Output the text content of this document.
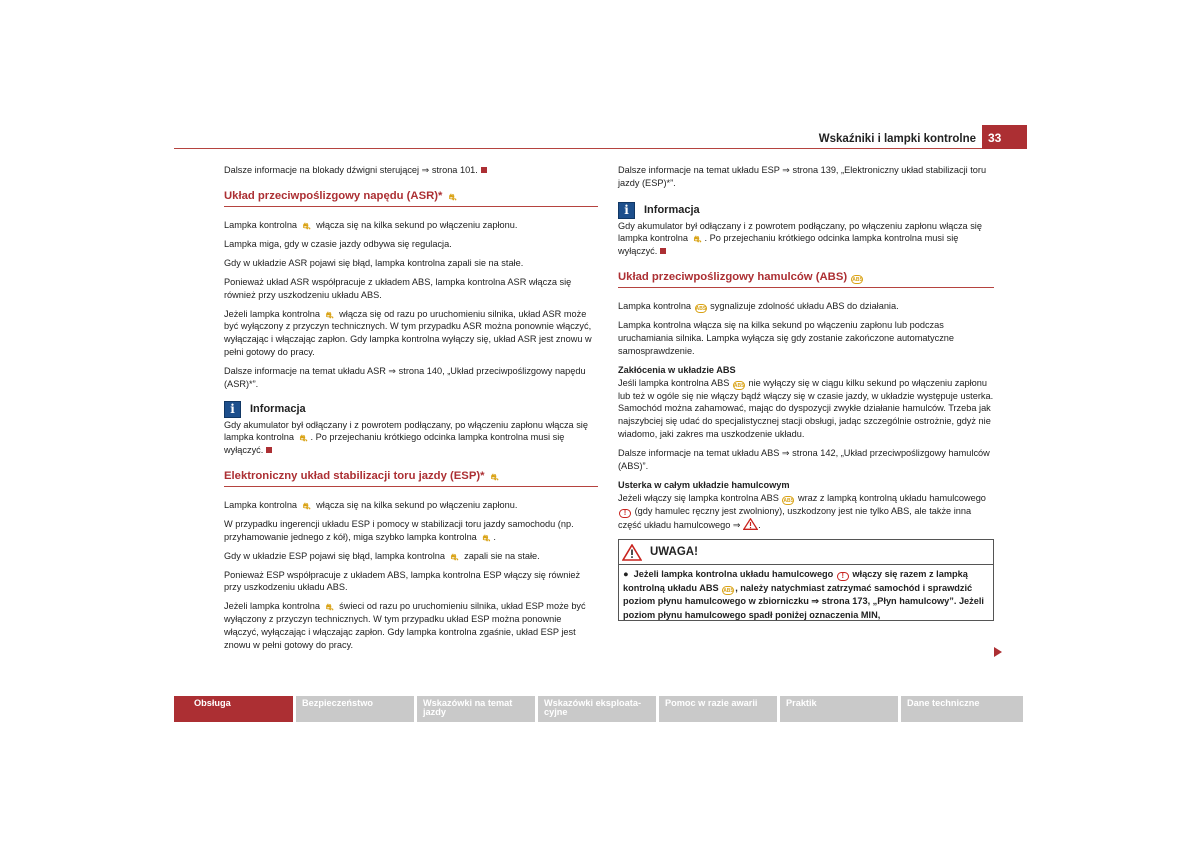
Wskaźniki i lampki kontrolne	33

Dalsze informacje na blokady dźwigni sterującej ⇒ strona 101.

Układ przeciwpoślizgowy napędu (ASR)* ⛐

Lampka kontrolna ⛐ włącza się na kilka sekund po włączeniu zapłonu.

Lampka miga, gdy w czasie jazdy odbywa się regulacja.

Gdy w układzie ASR pojawi się błąd, lampka kontrolna zapali sie na stałe.

Ponieważ układ ASR współpracuje z układem ABS, lampka kontrolna ASR włącza się również przy uszkodzeniu układu ABS.

Jeżeli lampka kontrolna ⛐ włącza się od razu po uruchomieniu silnika, układ ASR może być wyłączony z przyczyn technicznych. W tym przypadku ASR można ponownie włączyć, wyłączając i włączając zapłon. Gdy lampka kontrolna wyłączy się, układ ASR jest znowu w pełni gotowy do pracy.

Dalsze informacje na temat układu ASR ⇒ strona 140, „Układ przeciwpoślizgowy napędu (ASR)*”.

i	Informacja

Gdy akumulator był odłączany i z powrotem podłączany, po włączeniu zapłonu włącza się lampka kontrolna ⛐ . Po przejechaniu krótkiego odcinka lampka kontrolna musi się wyłączyć.

Elektroniczny układ stabilizacji toru jazdy (ESP)* ⛐

Lampka kontrolna ⛐ włącza się na kilka sekund po włączeniu zapłonu.

W przypadku ingerencji układu ESP i pomocy w stabilizacji toru jazdy samochodu (np. przyhamowanie jednego z kół), miga szybko lampka kontrolna ⛐ .

Gdy w układzie ESP pojawi się błąd, lampka kontrolna ⛐ zapali sie na stałe.

Ponieważ ESP współpracuje z układem ABS, lampka kontrolna ESP włączy się również przy uszkodzeniu układu ABS.

Jeżeli lampka kontrolna ⛐ świeci od razu po uruchomieniu silnika, układ ESP może być wyłączony z przyczyn technicznych. W tym przypadku układ ESP można ponownie włączyć, wyłączając i włączając zapłon. Gdy lampka kontrolna zgaśnie, układ ESP jest znowu w pełni gotowy do pracy.

Dalsze informacje na temat układu ESP ⇒ strona 139, „Elektroniczny układ stabilizacji toru jazdy (ESP)*”.

i	Informacja

Gdy akumulator był odłączany i z powrotem podłączany, po włączeniu zapłonu włącza się lampka kontrolna ⛐ . Po przejechaniu krótkiego odcinka lampka kontrolna musi się wyłączyć.

Układ przeciwpoślizgowy hamulców (ABS) ABS

Lampka kontrolna ABS sygnalizuje zdolność układu ABS do działania.

Lampka kontrolna włącza się na kilka sekund po włączeniu zapłonu lub podczas uruchamiania silnika. Lampka wyłącza się gdy zostanie zakończone automatyczne samosprawdzenie.

Zakłócenia w układzie ABS

Jeśli lampka kontrolna ABS ABS nie wyłączy się w ciągu kilku sekund po włączeniu zapłonu lub też w ogóle się nie włączy bądź włączy się w czasie jazdy, w układzie występuje usterka. Samochód można zahamować, mając do dyspozycji zwykłe działanie hamulców. Trzeba jak najszybciej się udać do specjalistycznej stacji obsługi, jadąc szczególnie ostrożnie, gdyż nie wiadomo, jaki zakres ma uszkodzenie układu.

Dalsze informacje na temat układu ABS ⇒ strona 142, „Układ przeciwpoślizgowy hamulców (ABS)”.

Usterka w całym układzie hamulcowym

Jeżeli włączy się lampka kontrolna ABS ABS wraz z lampką kontrolną układu hamulcowego ! (gdy hamulec ręczny jest zwolniony), uszkodzony jest nie tylko ABS, ale także inna część układu hamulcowego ⇒ .

UWAGA!
●  Jeżeli lampka kontrolna układu hamulcowego ! włączy się razem z lampką kontrolną układu ABS ABS, należy natychmiast zatrzymać samochód i sprawdzić poziom płynu hamulcowego w zbiorniczku ⇒ strona 173, „Płyn hamulcowy”. Jeżeli poziom płynu hamulcowego spadł poniżej oznaczenia MIN,
Obsługa	Bezpieczeństwo	Wskazówki na temat
jazdy
Wskazówki eksploata-
cyjne
Pomoc w razie awarii	Praktik	Dane techniczne
